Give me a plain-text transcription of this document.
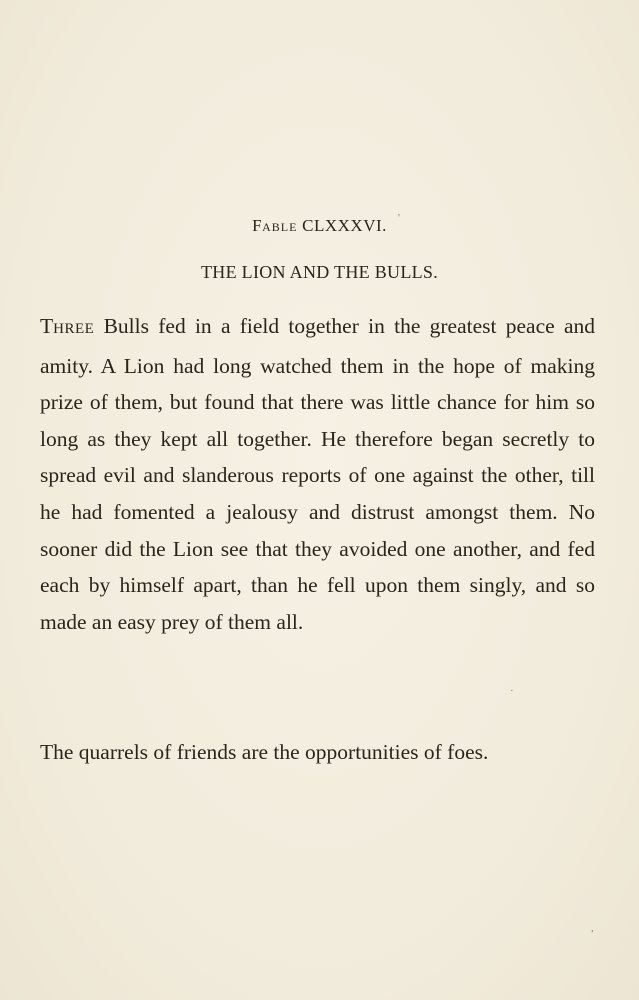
FABLE CLXXXVI.
THE LION AND THE BULLS.
THREE Bulls fed in a field together in the greatest peace and amity. A Lion had long watched them in the hope of making prize of them, but found that there was little chance for him so long as they kept all together. He therefore began secretly to spread evil and slanderous reports of one against the other, till he had fomented a jealousy and distrust amongst them. No sooner did the Lion see that they avoided one another, and fed each by himself apart, than he fell upon them singly, and so made an easy prey of them all.
The quarrels of friends are the opportunities of foes.
'
·
,
